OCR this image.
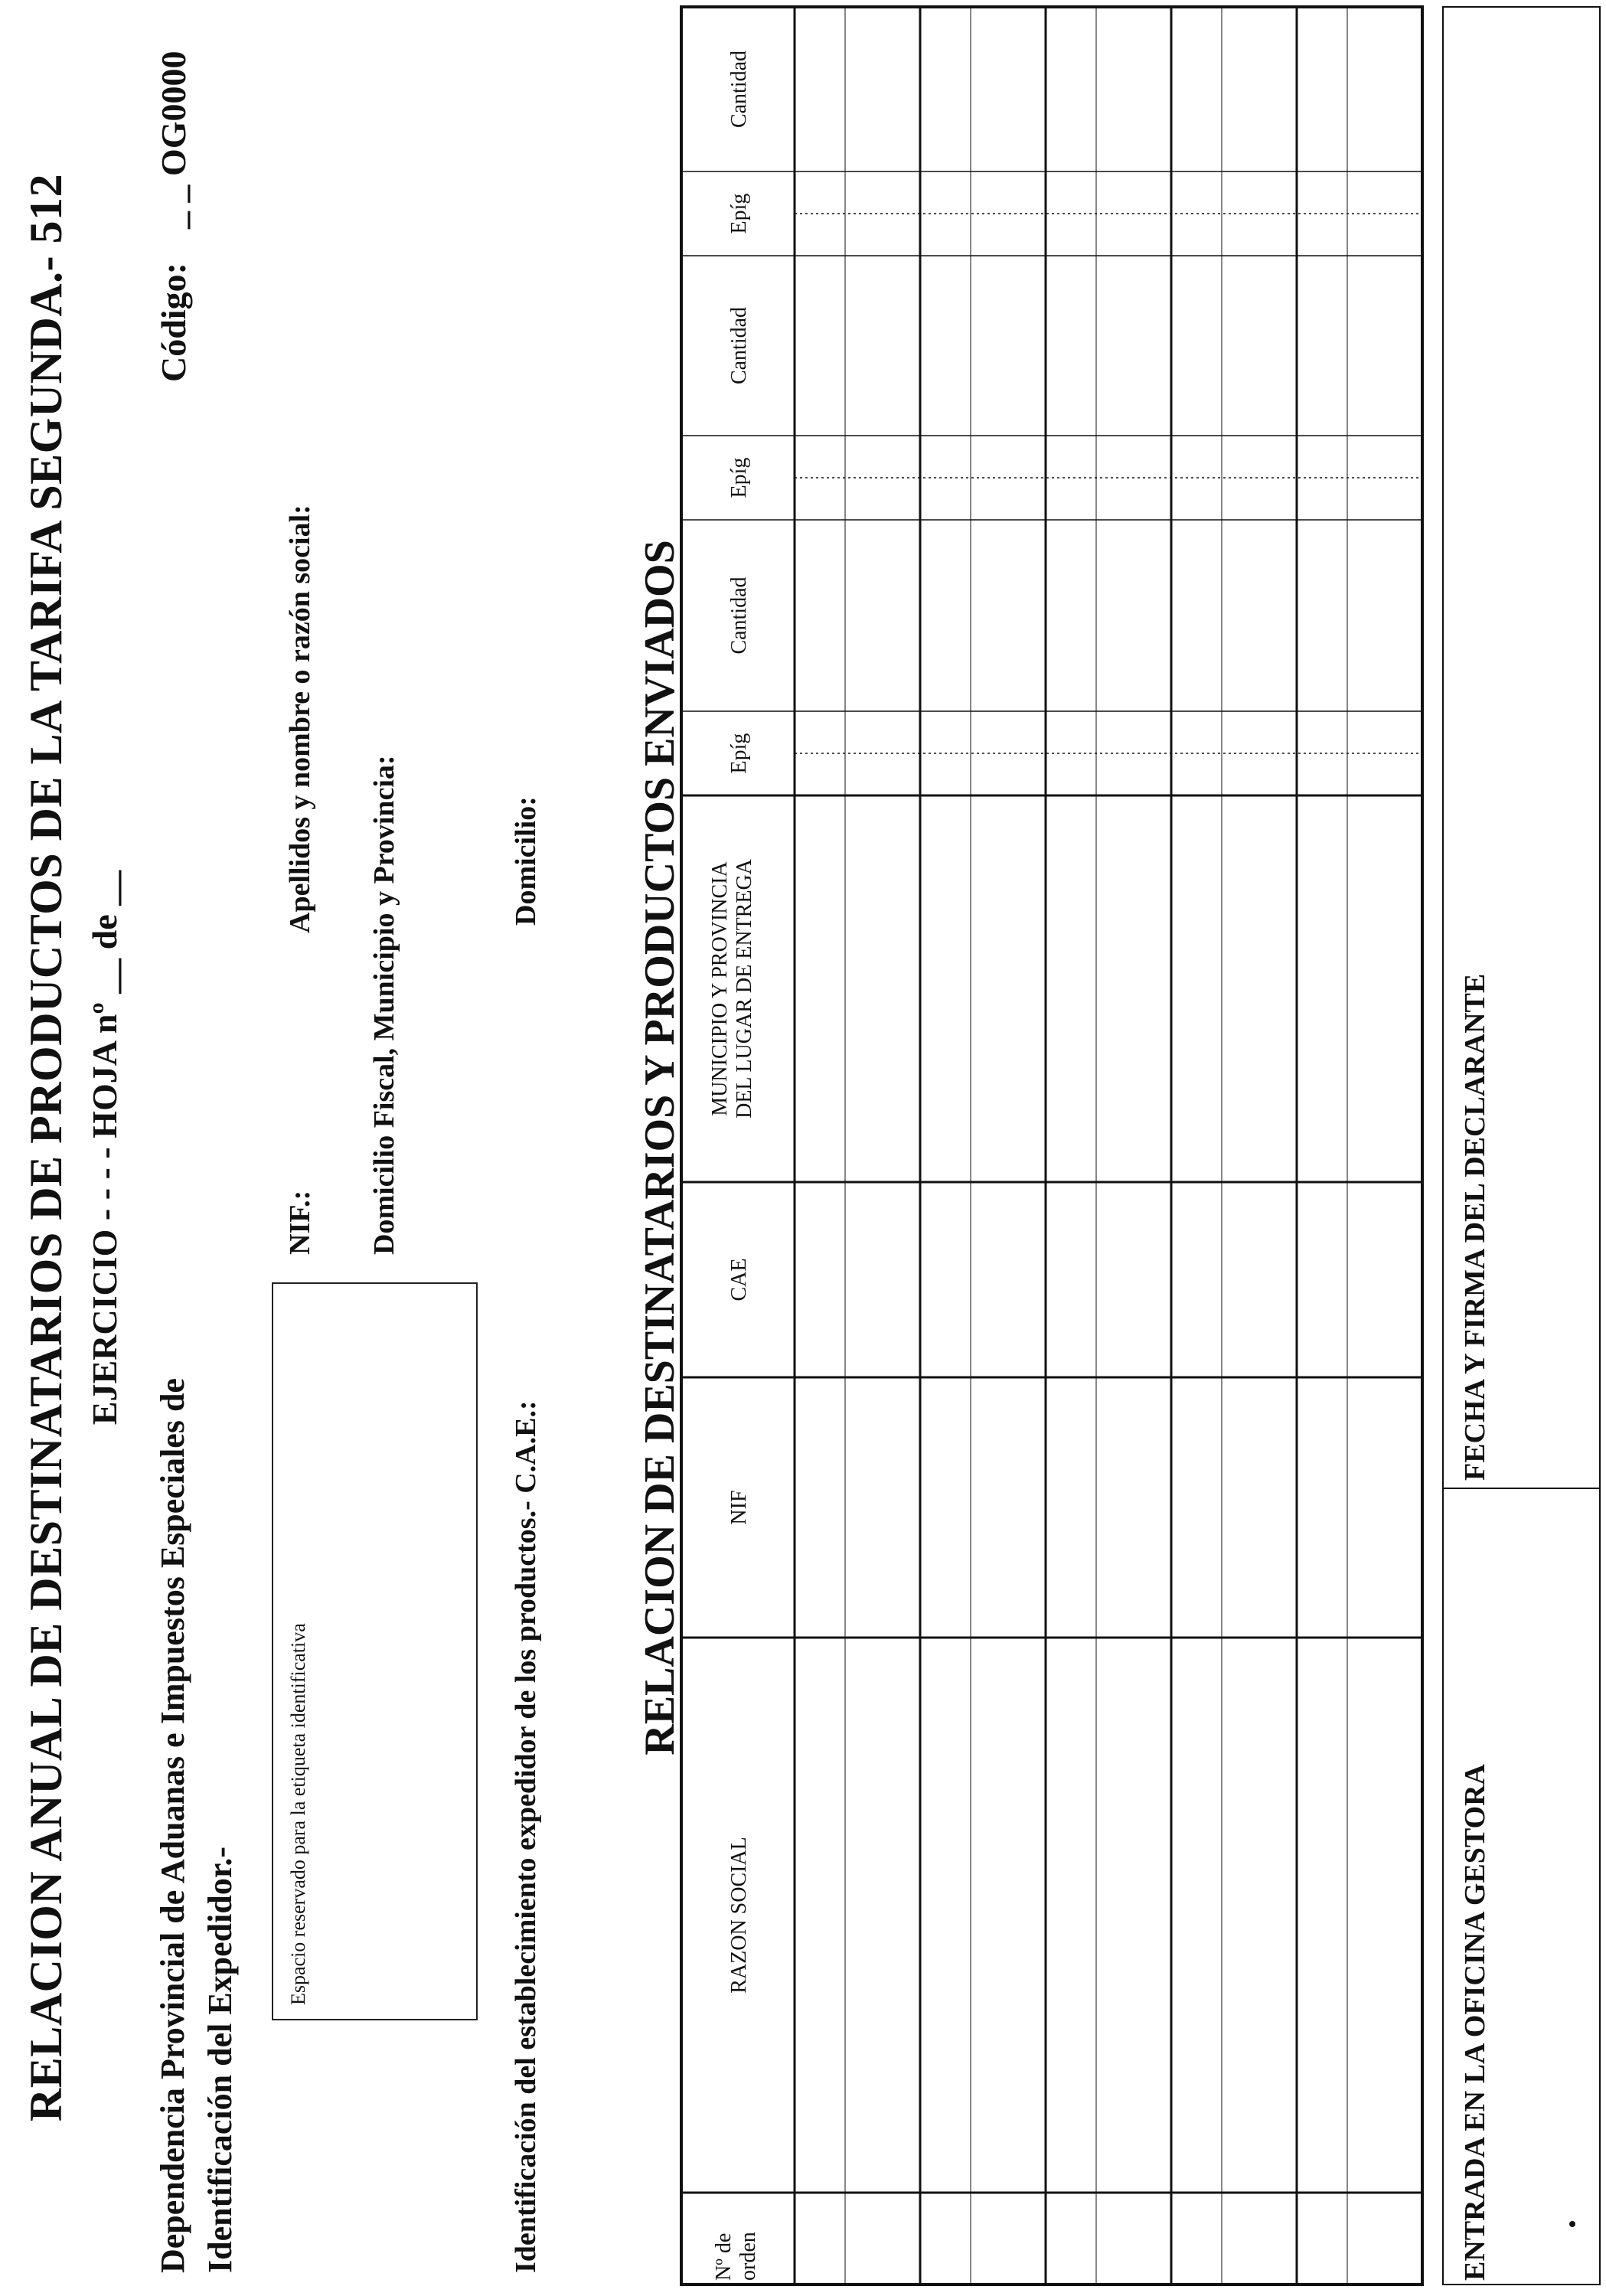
RELACION ANUAL DE DESTINATARIOS DE PRODUCTOS DE LA TARIFA SEGUNDA.- 512 EJERCICIO - - - - HOJA nº __ de __
Dependencia Provincial de Aduanas e Impuestos Especiales de Identificación del Expedidor.-
Espacio reservado para la etiqueta identificativa
NIF.:
Apellidos y nombre o razón social:
Domicilio Fiscal, Municipio y Provincia:
Código:
_ _ OG0000
Identificación del establecimiento expedidor de los productos.- C.A.E.:
Domicilio: RELACION DE DESTINATARIOS Y PRODUCTOS ENVIADOS
Nº de orden
RAZON SOCIAL
NIF
CAE
MUNICIPIO Y PROVINCIA DEL LUGAR DE ENTREGA
Epíg
Cantidad
Epíg
Cantidad
Epíg
Cantidad
ENTRADA EN LA OFICINA GESTORA
FECHA Y FIRMA DEL DECLARANTE
